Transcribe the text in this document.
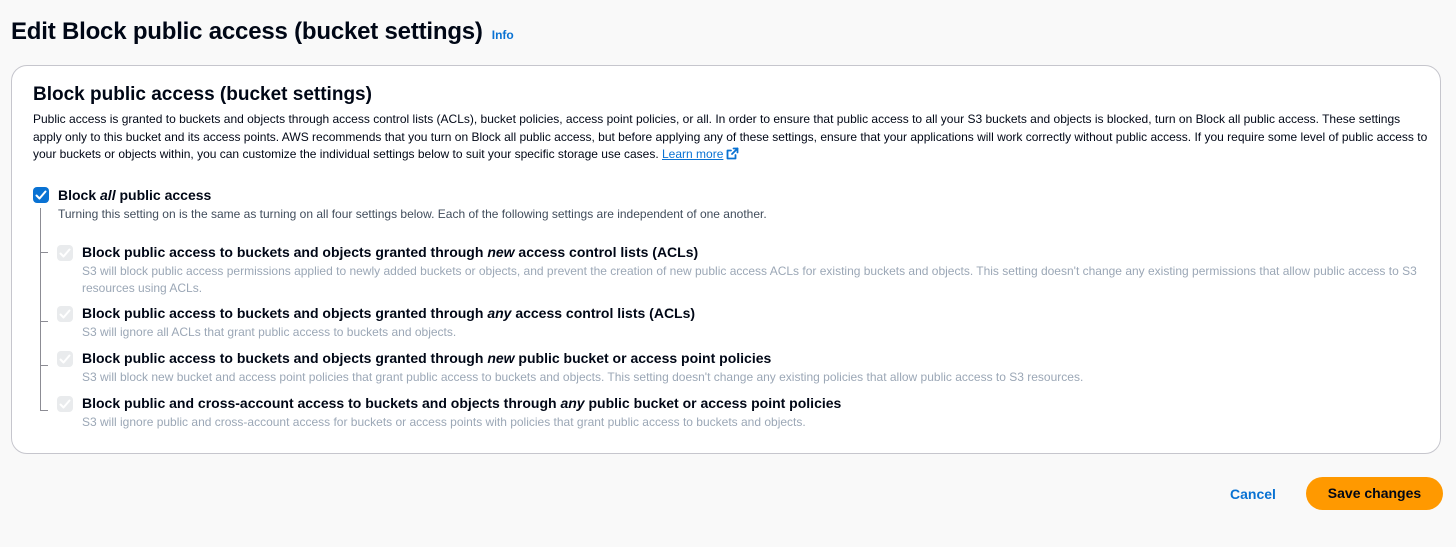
Edit Block public access (bucket settings) Info
Block public access (bucket settings)
Public access is granted to buckets and objects through access control lists (ACLs), bucket policies, access point policies, or all. In order to ensure that public access to all your S3 buckets and objects is blocked, turn on Block all public access. These settings apply only to this bucket and its access points. AWS recommends that you turn on Block all public access, but before applying any of these settings, ensure that your applications will work correctly without public access. If you require some level of public access to your buckets or objects within, you can customize the individual settings below to suit your specific storage use cases. Learn more
Block all public access
Turning this setting on is the same as turning on all four settings below. Each of the following settings are independent of one another.
Block public access to buckets and objects granted through new access control lists (ACLs)
S3 will block public access permissions applied to newly added buckets or objects, and prevent the creation of new public access ACLs for existing buckets and objects. This setting doesn't change any existing permissions that allow public access to S3 resources using ACLs.
Block public access to buckets and objects granted through any access control lists (ACLs)
S3 will ignore all ACLs that grant public access to buckets and objects.
Block public access to buckets and objects granted through new public bucket or access point policies
S3 will block new bucket and access point policies that grant public access to buckets and objects. This setting doesn't change any existing policies that allow public access to S3 resources.
Block public and cross-account access to buckets and objects through any public bucket or access point policies
S3 will ignore public and cross-account access for buckets or access points with policies that grant public access to buckets and objects.
Cancel	Save changes
